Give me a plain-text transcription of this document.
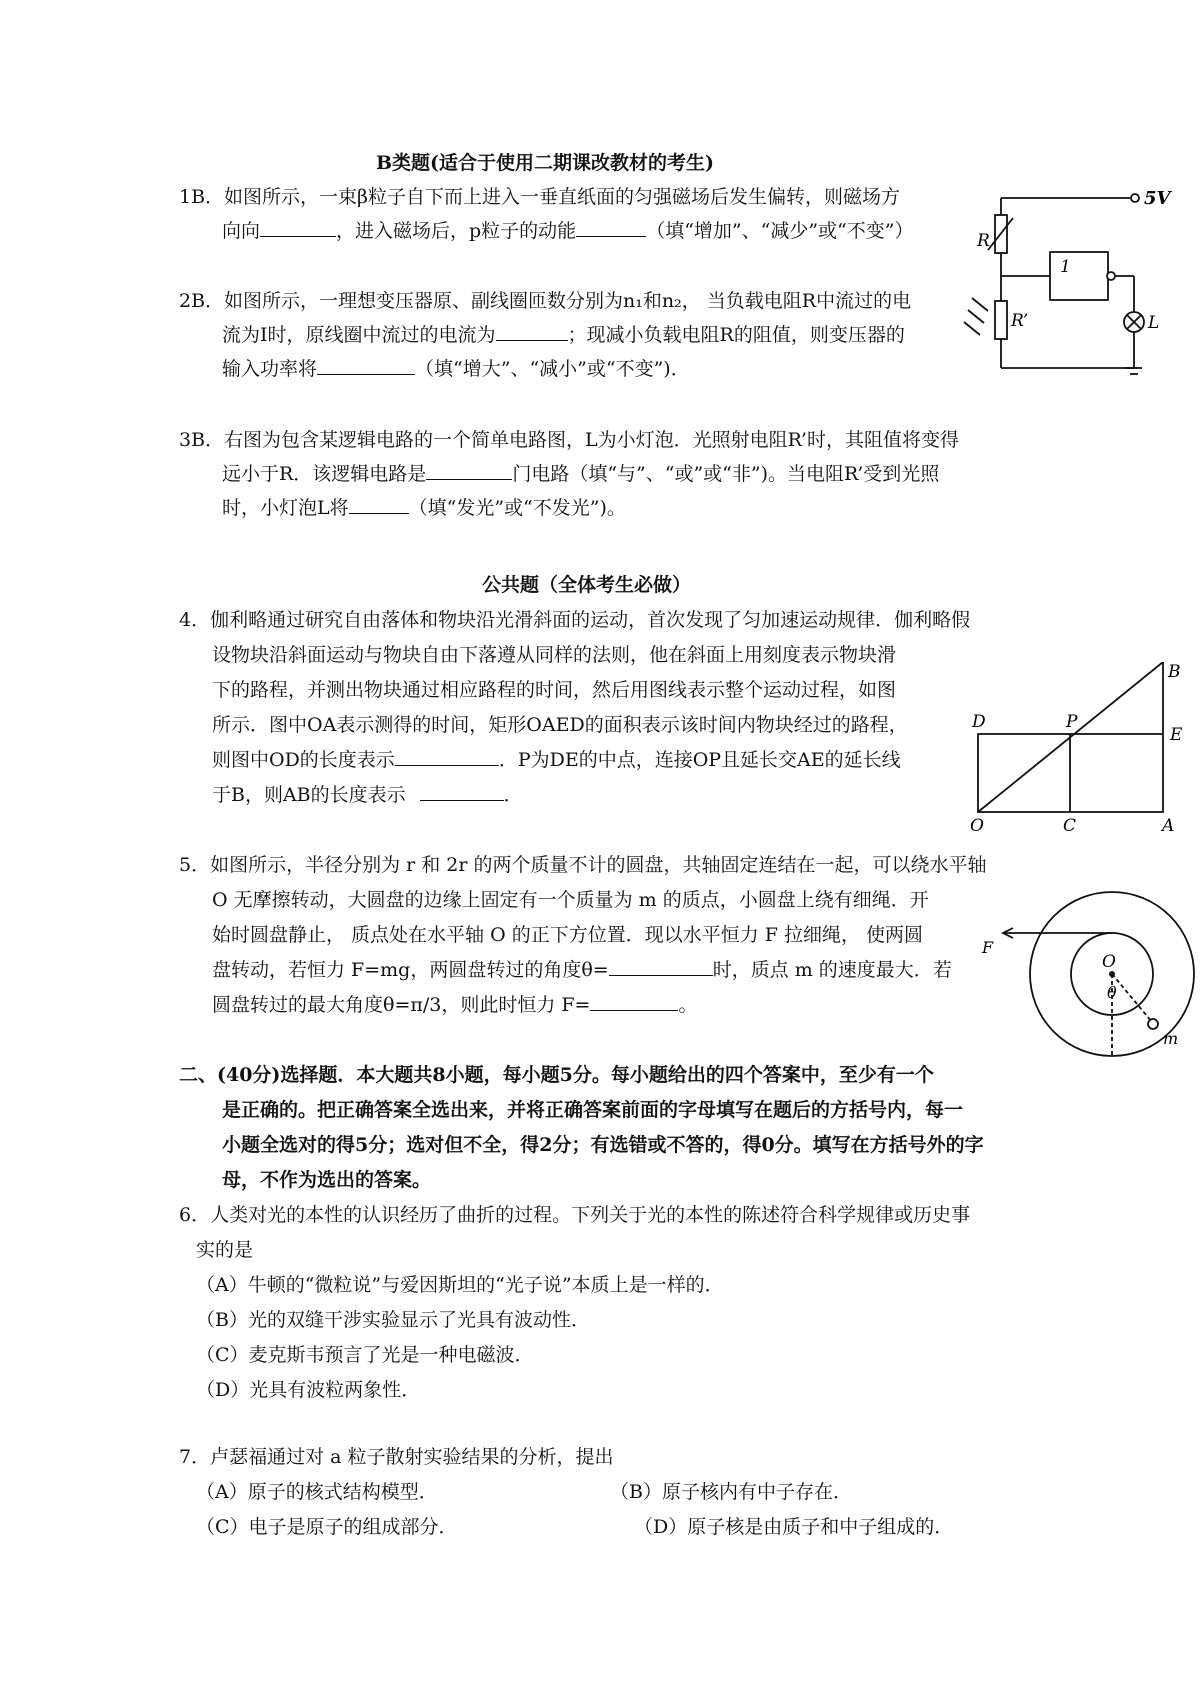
B类题(适合于使用二期课改教材的考生)
1B．如图所示，一束β粒子自下而上进入一垂直纸面的匀强磁场后发生偏转，则磁场方
向向	，进入磁场后，p粒子的动能	（填“增加”、“减少”或“不变”）
2B．如图所示，一理想变压器原、副线圈匝数分别为n₁和n₂， 当负载电阻R中流过的电
流为I时，原线圈中流过的电流为	；现减小负载电阻R的阻值，则变压器的
输入功率将	（填“增大”、“减小”或“不变”)．
3B．右图为包含某逻辑电路的一个简单电路图，L为小灯泡．光照射电阻R’时，其阻值将变得
远小于R．该逻辑电路是	门电路（填“与”、“或”或“非”)。当电阻R’受到光照
时，小灯泡L将	（填“发光”或“不发光”)。
公共题（全体考生必做）
4．伽利略通过研究自由落体和物块沿光滑斜面的运动，首次发现了匀加速运动规律．伽利略假
设物块沿斜面运动与物块自由下落遵从同样的法则，他在斜面上用刻度表示物块滑
下的路程，并测出物块通过相应路程的时间，然后用图线表示整个运动过程，如图
所示．图中OA表示测得的时间，矩形OAED的面积表示该时间内物块经过的路程，
则图中OD的长度表示	．P为DE的中点，连接OP且延长交AE的延长线
于B，则AB的长度表示	．
5．如图所示，半径分别为 r 和 2r 的两个质量不计的圆盘，共轴固定连结在一起，可以绕水平轴
O 无摩擦转动，大圆盘的边缘上固定有一个质量为 m 的质点，小圆盘上绕有细绳．开
始时圆盘静止， 质点处在水平轴 O 的正下方位置．现以水平恒力 F 拉细绳， 使两圆
盘转动，若恒力 F=mg，两圆盘转过的角度θ=	时，质点 m 的速度最大．若
圆盘转过的最大角度θ=π/3，则此时恒力 F=	。
二、(40分)选择题．本大题共8小题，每小题5分。每小题给出的四个答案中，至少有一个
是正确的。把正确答案全选出来，并将正确答案前面的字母填写在题后的方括号内，每一
小题全选对的得5分；选对但不全，得2分；有选错或不答的，得0分。填写在方括号外的字
母，不作为选出的答案。
6．人类对光的本性的认识经历了曲折的过程。下列关于光的本性的陈述符合科学规律或历史事
实的是
（A）牛顿的“微粒说”与爱因斯坦的“光子说”本质上是一样的．
（B）光的双缝干涉实验显示了光具有波动性．
（C）麦克斯韦预言了光是一种电磁波．
（D）光具有波粒两象性．
7．卢瑟福通过对 a 粒子散射实验结果的分析，提出
（A）原子的核式结构模型．	（B）原子核内有中子存在．
（C）电子是原子的组成部分．	（D）原子核是由质子和中子组成的．
5V
1
R
R’	L
B
D	P
E
O	C	A
F
O
θ
m
